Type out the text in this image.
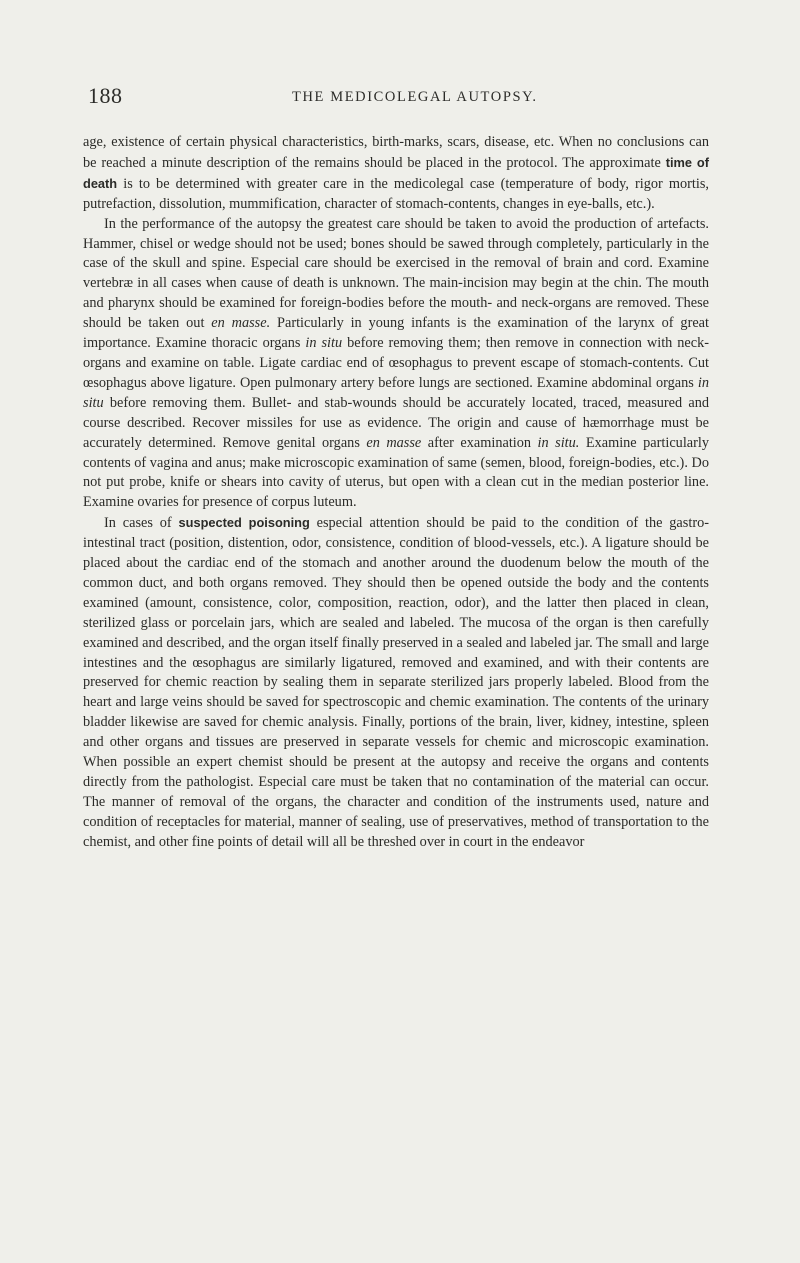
188	THE MEDICOLEGAL AUTOPSY.

age, existence of certain physical characteristics, birth-marks, scars, disease, etc. When no conclusions can be reached a minute description of the remains should be placed in the protocol. The approximate time of death is to be determined with greater care in the medicolegal case (temperature of body, rigor mortis, putrefaction, dissolution, mummification, character of stomach-contents, changes in eye-balls, etc.).

In the performance of the autopsy the greatest care should be taken to avoid the production of artefacts. Hammer, chisel or wedge should not be used; bones should be sawed through completely, particularly in the case of the skull and spine. Especial care should be exercised in the removal of brain and cord. Examine vertebræ in all cases when cause of death is unknown. The main-incision may begin at the chin. The mouth and pharynx should be examined for foreign-bodies before the mouth- and neck-organs are removed. These should be taken out en masse. Particularly in young infants is the examination of the larynx of great importance. Examine thoracic organs in situ before removing them; then remove in connection with neck-organs and examine on table. Ligate cardiac end of œsophagus to prevent escape of stomach-contents. Cut œsophagus above ligature. Open pulmonary artery before lungs are sectioned. Examine abdominal organs in situ before removing them. Bullet- and stab-wounds should be accurately located, traced, measured and course described. Recover missiles for use as evidence. The origin and cause of hæmorrhage must be accurately determined. Remove genital organs en masse after examination in situ. Examine particularly contents of vagina and anus; make microscopic examination of same (semen, blood, foreign-bodies, etc.). Do not put probe, knife or shears into cavity of uterus, but open with a clean cut in the median posterior line. Examine ovaries for presence of corpus luteum.

In cases of suspected poisoning especial attention should be paid to the condition of the gastro-intestinal tract (position, distention, odor, consistence, condition of blood-vessels, etc.). A ligature should be placed about the cardiac end of the stomach and another around the duodenum below the mouth of the common duct, and both organs removed. They should then be opened outside the body and the contents examined (amount, consistence, color, composition, reaction, odor), and the latter then placed in clean, sterilized glass or porcelain jars, which are sealed and labeled. The mucosa of the organ is then carefully examined and described, and the organ itself finally preserved in a sealed and labeled jar. The small and large intestines and the œsophagus are similarly ligatured, removed and examined, and with their contents are preserved for chemic reaction by sealing them in separate sterilized jars properly labeled. Blood from the heart and large veins should be saved for spectroscopic and chemic examination. The contents of the urinary bladder likewise are saved for chemic analysis. Finally, portions of the brain, liver, kidney, intestine, spleen and other organs and tissues are preserved in separate vessels for chemic and microscopic examination. When possible an expert chemist should be present at the autopsy and receive the organs and contents directly from the pathologist. Especial care must be taken that no contamination of the material can occur. The manner of removal of the organs, the character and condition of the instruments used, nature and condition of receptacles for material, manner of sealing, use of preservatives, method of transportation to the chemist, and other fine points of detail will all be threshed over in court in the endeavor
